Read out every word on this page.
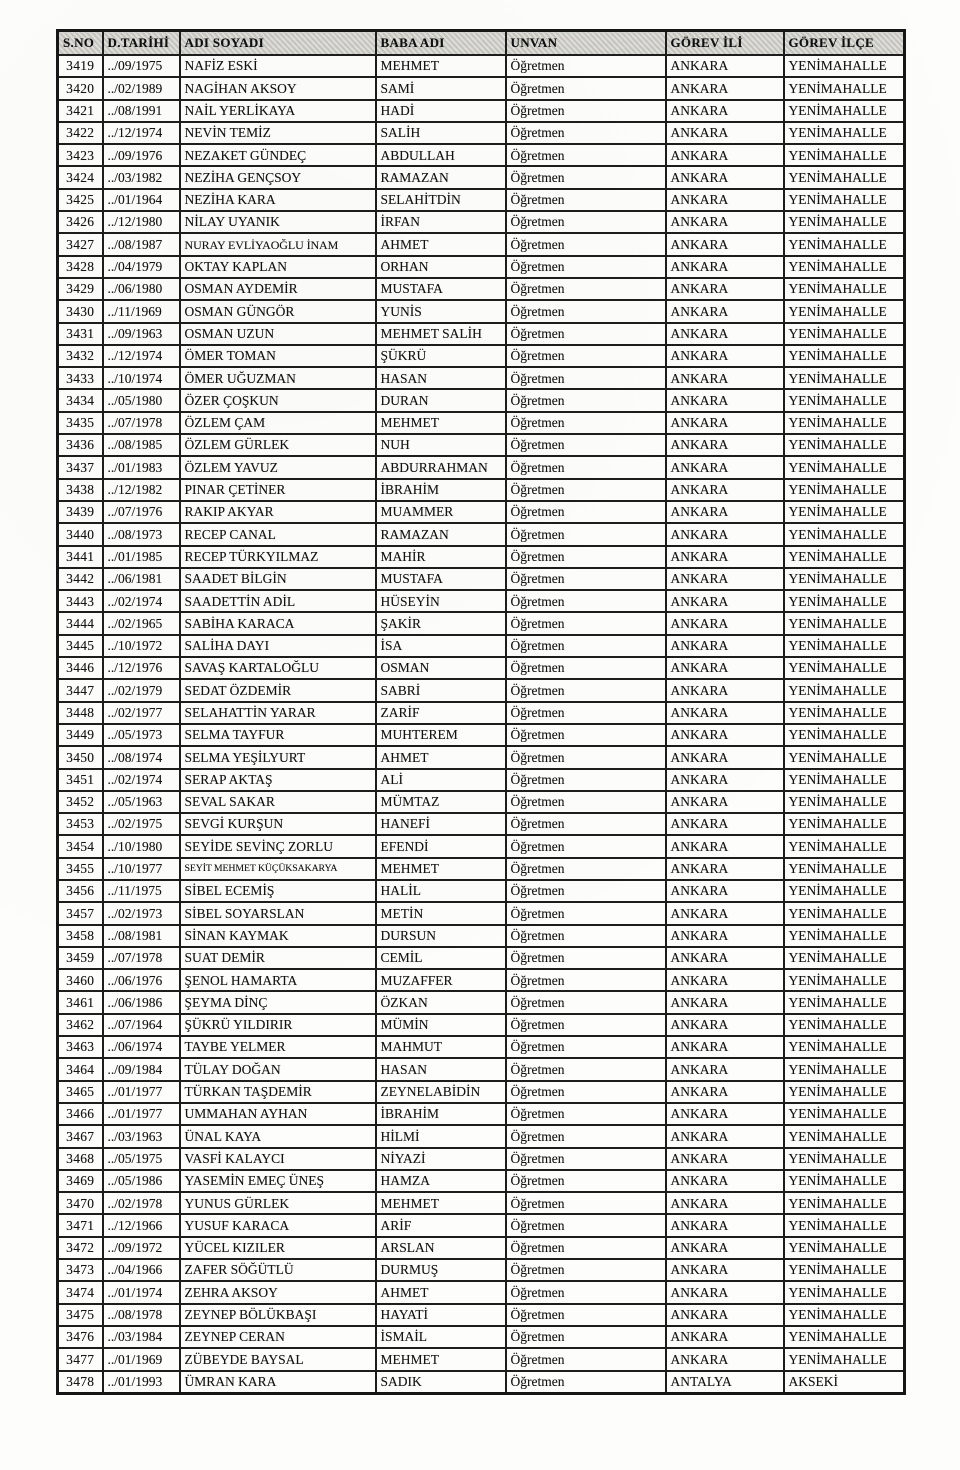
S.NO	D.TARİHİ	ADI SOYADI	BABA ADI	UNVAN	GÖREV İLİ	GÖREV İLÇE
3419	../09/1975	NAFİZ ESKİ	MEHMET	Öğretmen	ANKARA	YENİMAHALLE
3420	../02/1989	NAGİHAN AKSOY	SAMİ	Öğretmen	ANKARA	YENİMAHALLE
3421	../08/1991	NAİL YERLİKAYA	HADİ	Öğretmen	ANKARA	YENİMAHALLE
3422	../12/1974	NEVİN TEMİZ	SALİH	Öğretmen	ANKARA	YENİMAHALLE
3423	../09/1976	NEZAKET GÜNDEÇ	ABDULLAH	Öğretmen	ANKARA	YENİMAHALLE
3424	../03/1982	NEZİHA GENÇSOY	RAMAZAN	Öğretmen	ANKARA	YENİMAHALLE
3425	../01/1964	NEZİHA KARA	SELAHİTDİN	Öğretmen	ANKARA	YENİMAHALLE
3426	../12/1980	NİLAY UYANIK	İRFAN	Öğretmen	ANKARA	YENİMAHALLE
3427	../08/1987	NURAY EVLİYAOĞLU İNAM	AHMET	Öğretmen	ANKARA	YENİMAHALLE
3428	../04/1979	OKTAY KAPLAN	ORHAN	Öğretmen	ANKARA	YENİMAHALLE
3429	../06/1980	OSMAN AYDEMİR	MUSTAFA	Öğretmen	ANKARA	YENİMAHALLE
3430	../11/1969	OSMAN GÜNGÖR	YUNİS	Öğretmen	ANKARA	YENİMAHALLE
3431	../09/1963	OSMAN UZUN	MEHMET SALİH	Öğretmen	ANKARA	YENİMAHALLE
3432	../12/1974	ÖMER TOMAN	ŞÜKRÜ	Öğretmen	ANKARA	YENİMAHALLE
3433	../10/1974	ÖMER UĞUZMAN	HASAN	Öğretmen	ANKARA	YENİMAHALLE
3434	../05/1980	ÖZER ÇOŞKUN	DURAN	Öğretmen	ANKARA	YENİMAHALLE
3435	../07/1978	ÖZLEM ÇAM	MEHMET	Öğretmen	ANKARA	YENİMAHALLE
3436	../08/1985	ÖZLEM GÜRLEK	NUH	Öğretmen	ANKARA	YENİMAHALLE
3437	../01/1983	ÖZLEM YAVUZ	ABDURRAHMAN	Öğretmen	ANKARA	YENİMAHALLE
3438	../12/1982	PINAR ÇETİNER	İBRAHİM	Öğretmen	ANKARA	YENİMAHALLE
3439	../07/1976	RAKIP AKYAR	MUAMMER	Öğretmen	ANKARA	YENİMAHALLE
3440	../08/1973	RECEP CANAL	RAMAZAN	Öğretmen	ANKARA	YENİMAHALLE
3441	../01/1985	RECEP TÜRKYILMAZ	MAHİR	Öğretmen	ANKARA	YENİMAHALLE
3442	../06/1981	SAADET BİLGİN	MUSTAFA	Öğretmen	ANKARA	YENİMAHALLE
3443	../02/1974	SAADETTİN ADİL	HÜSEYİN	Öğretmen	ANKARA	YENİMAHALLE
3444	../02/1965	SABİHA KARACA	ŞAKİR	Öğretmen	ANKARA	YENİMAHALLE
3445	../10/1972	SALİHA DAYI	İSA	Öğretmen	ANKARA	YENİMAHALLE
3446	../12/1976	SAVAŞ KARTALOĞLU	OSMAN	Öğretmen	ANKARA	YENİMAHALLE
3447	../02/1979	SEDAT ÖZDEMİR	SABRİ	Öğretmen	ANKARA	YENİMAHALLE
3448	../02/1977	SELAHATTİN YARAR	ZARİF	Öğretmen	ANKARA	YENİMAHALLE
3449	../05/1973	SELMA TAYFUR	MUHTEREM	Öğretmen	ANKARA	YENİMAHALLE
3450	../08/1974	SELMA YEŞİLYURT	AHMET	Öğretmen	ANKARA	YENİMAHALLE
3451	../02/1974	SERAP AKTAŞ	ALİ	Öğretmen	ANKARA	YENİMAHALLE
3452	../05/1963	SEVAL SAKAR	MÜMTAZ	Öğretmen	ANKARA	YENİMAHALLE
3453	../02/1975	SEVGİ KURŞUN	HANEFİ	Öğretmen	ANKARA	YENİMAHALLE
3454	../10/1980	SEYİDE SEVİNÇ ZORLU	EFENDİ	Öğretmen	ANKARA	YENİMAHALLE
3455	../10/1977	SEYİT MEHMET KÜÇÜKSAKARYA	MEHMET	Öğretmen	ANKARA	YENİMAHALLE
3456	../11/1975	SİBEL ECEMİŞ	HALİL	Öğretmen	ANKARA	YENİMAHALLE
3457	../02/1973	SİBEL SOYARSLAN	METİN	Öğretmen	ANKARA	YENİMAHALLE
3458	../08/1981	SİNAN KAYMAK	DURSUN	Öğretmen	ANKARA	YENİMAHALLE
3459	../07/1978	SUAT DEMİR	CEMİL	Öğretmen	ANKARA	YENİMAHALLE
3460	../06/1976	ŞENOL HAMARTA	MUZAFFER	Öğretmen	ANKARA	YENİMAHALLE
3461	../06/1986	ŞEYMA DİNÇ	ÖZKAN	Öğretmen	ANKARA	YENİMAHALLE
3462	../07/1964	ŞÜKRÜ YILDIRIR	MÜMİN	Öğretmen	ANKARA	YENİMAHALLE
3463	../06/1974	TAYBE YELMER	MAHMUT	Öğretmen	ANKARA	YENİMAHALLE
3464	../09/1984	TÜLAY DOĞAN	HASAN	Öğretmen	ANKARA	YENİMAHALLE
3465	../01/1977	TÜRKAN TAŞDEMİR	ZEYNELABİDİN	Öğretmen	ANKARA	YENİMAHALLE
3466	../01/1977	UMMAHAN AYHAN	İBRAHİM	Öğretmen	ANKARA	YENİMAHALLE
3467	../03/1963	ÜNAL KAYA	HİLMİ	Öğretmen	ANKARA	YENİMAHALLE
3468	../05/1975	VASFİ KALAYCI	NİYAZİ	Öğretmen	ANKARA	YENİMAHALLE
3469	../05/1986	YASEMİN EMEÇ ÜNEŞ	HAMZA	Öğretmen	ANKARA	YENİMAHALLE
3470	../02/1978	YUNUS GÜRLEK	MEHMET	Öğretmen	ANKARA	YENİMAHALLE
3471	../12/1966	YUSUF KARACA	ARİF	Öğretmen	ANKARA	YENİMAHALLE
3472	../09/1972	YÜCEL KIZILER	ARSLAN	Öğretmen	ANKARA	YENİMAHALLE
3473	../04/1966	ZAFER SÖĞÜTLÜ	DURMUŞ	Öğretmen	ANKARA	YENİMAHALLE
3474	../01/1974	ZEHRA AKSOY	AHMET	Öğretmen	ANKARA	YENİMAHALLE
3475	../08/1978	ZEYNEP BÖLÜKBAŞI	HAYATİ	Öğretmen	ANKARA	YENİMAHALLE
3476	../03/1984	ZEYNEP CERAN	İSMAİL	Öğretmen	ANKARA	YENİMAHALLE
3477	../01/1969	ZÜBEYDE BAYSAL	MEHMET	Öğretmen	ANKARA	YENİMAHALLE
3478	../01/1993	ÜMRAN KARA	SADIK	Öğretmen	ANTALYA	AKSEKİ
